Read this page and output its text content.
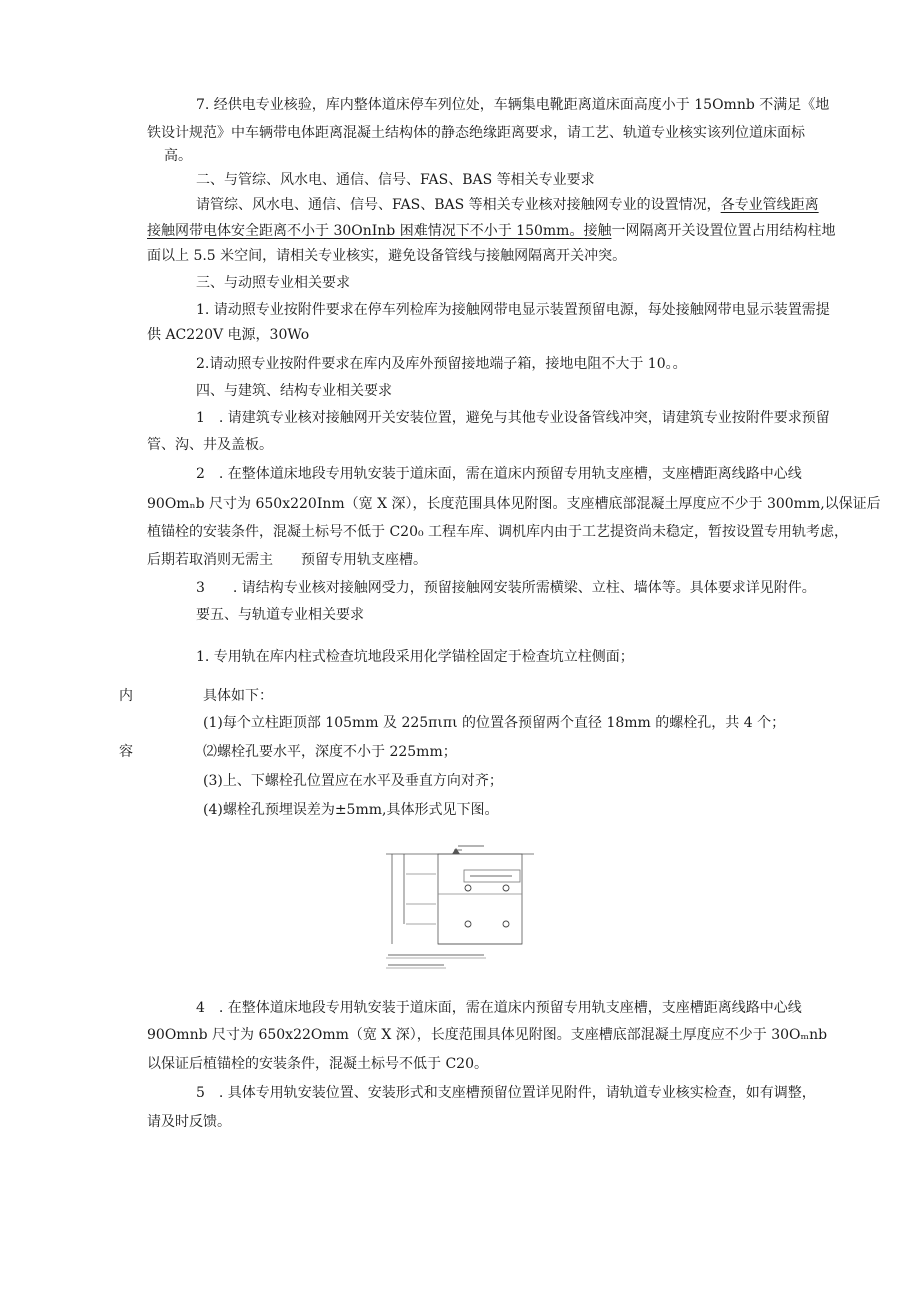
7. 经供电专业核验，库内整体道床停车列位处，车辆集电靴距离道床面高度小于 15Omnb 不满足《地
铁设计规范》中车辆带电体距离混凝土结构体的静态绝缘距离要求，请工艺、轨道专业核实该列位道床面标
高。
二、与管综、风水电、通信、信号、FAS、BAS 等相关专业要求
请管综、风水电、通信、信号、FAS、BAS 等相关专业核对接触网专业的设置情况，各专业管线距离
接触网带电体安全距离不小于 30OnInb 困难情况下不小于 150mm。接触一网隔离开关设置位置占用结构柱地
面以上 5.5 米空间，请相关专业核实，避免设备管线与接触网隔离开关冲突。
三、与动照专业相关要求
1. 请动照专业按附件要求在停车列检库为接触网带电显示装置预留电源，每处接触网带电显示装置需提
供 AC220V 电源，30Wo
2.请动照专业按附件要求在库内及库外预留接地端子箱，接地电阻不大于 10。。
四、与建筑、结构专业相关要求
1　. 请建筑专业核对接触网开关安装位置，避免与其他专业设备管线冲突，请建筑专业按附件要求预留
管、沟、井及盖板。
2　. 在整体道床地段专用轨安装于道床面，需在道床内预留专用轨支座槽，支座槽距离线路中心线
90Omₙb 尺寸为 650x220Inm（宽 X 深），长度范围具体见附图。支座槽底部混凝土厚度应不少于 300mm,以保证后
植锚栓的安装条件，混凝土标号不低于 C20₀ 工程车库、调机库内由于工艺提资尚未稳定，暂按设置专用轨考虑，
后期若取消则无需主　　预留专用轨支座槽。
3　　. 请结构专业核对接触网受力，预留接触网安装所需横梁、立柱、墙体等。具体要求详见附件。
要五、与轨道专业相关要求
1. 专用轨在库内柱式检查坑地段采用化学锚栓固定于检查坑立柱侧面；
内	具体如下：
(1)每个立柱距顶部 105mm 及 225πιπι 的位置各预留两个直径 18mm 的螺栓孔，共 4 个；
容	⑵螺栓孔要水平，深度不小于 225mm；
(3)上、下螺栓孔位置应在水平及垂直方向对齐；
(4)螺栓孔预埋误差为±5mm,具体形式见下图。
4　. 在整体道床地段专用轨安装于道床面，需在道床内预留专用轨支座槽，支座槽距离线路中心线
90Omnb 尺寸为 650x22Omm（宽 X 深），长度范围具体见附图。支座槽底部混凝土厚度应不少于 30Oₘnb
以保证后植锚栓的安装条件，混凝土标号不低于 C20。
5　. 具体专用轨安装位置、安装形式和支座槽预留位置详见附件，请轨道专业核实检查，如有调整，
请及时反馈。
